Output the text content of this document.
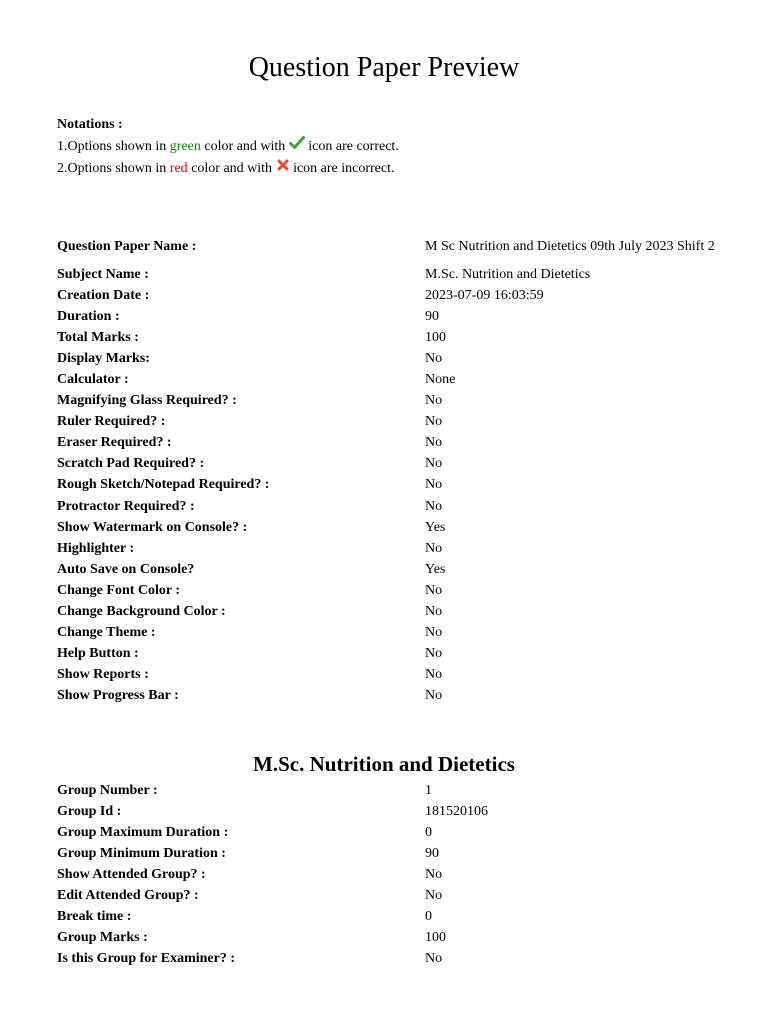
Question Paper Preview
Notations :
1.Options shown in green color and with  icon are correct.
2.Options shown in red color and with  icon are incorrect.
Question Paper Name :	M Sc Nutrition and Dietetics 09th July 2023 Shift 2
Subject Name :	M.Sc. Nutrition and Dietetics
Creation Date :	2023-07-09 16:03:59
Duration :	90
Total Marks :	100
Display Marks:	No
Calculator :	None
Magnifying Glass Required? :	No
Ruler Required? :	No
Eraser Required? :	No
Scratch Pad Required? :	No
Rough Sketch/Notepad Required? :	No
Protractor Required? :	No
Show Watermark on Console? :	Yes
Highlighter :	No
Auto Save on Console?	Yes
Change Font Color :	No
Change Background Color :	No
Change Theme :	No
Help Button :	No
Show Reports :	No
Show Progress Bar :	No
M.Sc. Nutrition and Dietetics
Group Number :	1
Group Id :	181520106
Group Maximum Duration :	0
Group Minimum Duration :	90
Show Attended Group? :	No
Edit Attended Group? :	No
Break time :	0
Group Marks :	100
Is this Group for Examiner? :	No
